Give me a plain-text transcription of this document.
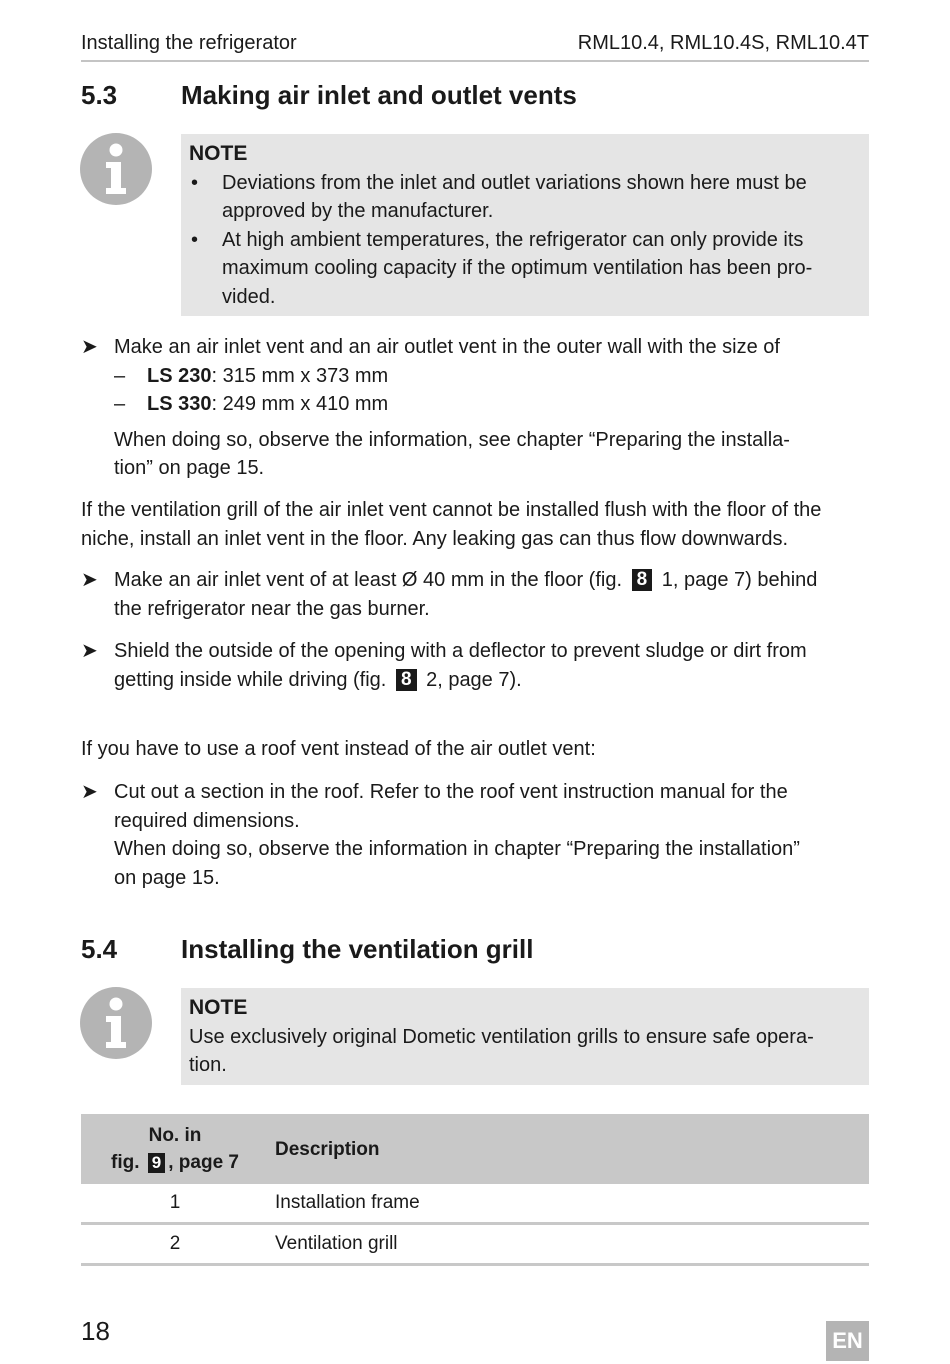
Installing the refrigerator	RML10.4, RML10.4S, RML10.4T
5.3 Making air inlet and outlet vents
NOTE
• Deviations from the inlet and outlet variations shown here must be
approved by the manufacturer.
• At high ambient temperatures, the refrigerator can only provide its
maximum cooling capacity if the optimum ventilation has been pro-
vided.
➤ Make an air inlet vent and an air outlet vent in the outer wall with the size of
– LS 230: 315 mm x 373 mm
– LS 330: 249 mm x 410 mm
When doing so, observe the information, see chapter “Preparing the installa-
tion” on page 15.
If the ventilation grill of the air inlet vent cannot be installed flush with the floor of the
niche, install an inlet vent in the floor. Any leaking gas can thus flow downwards.
➤ Make an air inlet vent of at least Ø 40 mm in the floor (fig. 8 1, page 7) behind
the refrigerator near the gas burner.
➤ Shield the outside of the opening with a deflector to prevent sludge or dirt from
getting inside while driving (fig. 8 2, page 7).
If you have to use a roof vent instead of the air outlet vent:
➤ Cut out a section in the roof. Refer to the roof vent instruction manual for the
required dimensions.
When doing so, observe the information in chapter “Preparing the installation”
on page 15.
5.4 Installing the ventilation grill
NOTE
Use exclusively original Dometic ventilation grills to ensure safe opera-
tion.
No. in
fig. 9 , page 7	Description
1	Installation frame
2	Ventilation grill
18	EN
